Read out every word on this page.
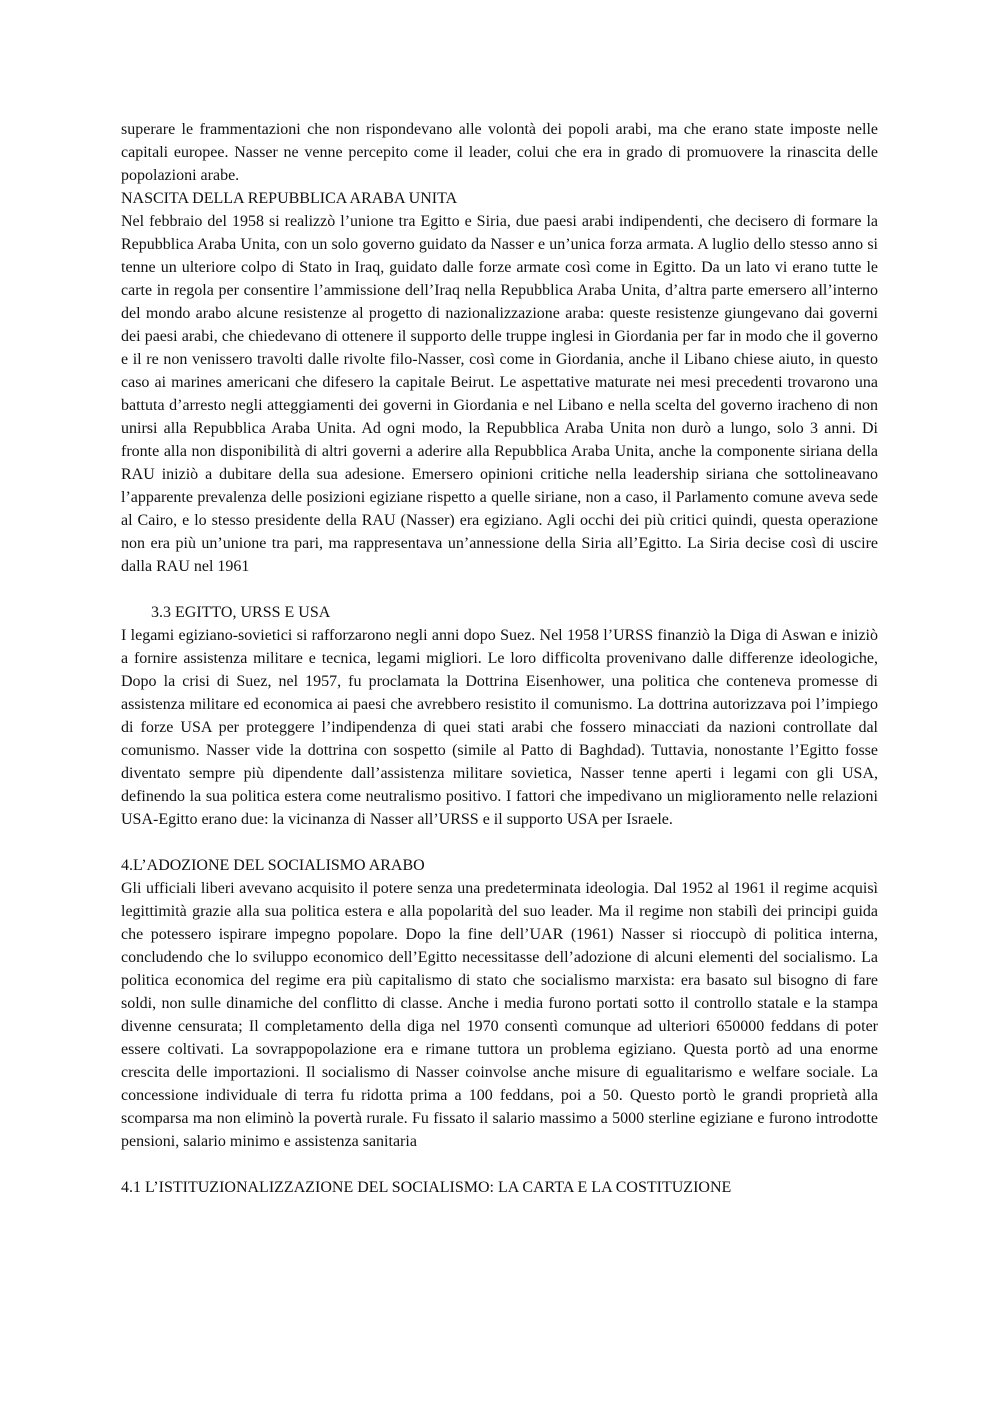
superare le frammentazioni che non rispondevano alle volontà dei popoli arabi, ma che erano state imposte nelle capitali europee. Nasser ne venne percepito come il leader, colui che era in grado di promuovere la rinascita delle popolazioni arabe.

NASCITA DELLA REPUBBLICA ARABA UNITA

Nel febbraio del 1958 si realizzò l’unione tra Egitto e Siria, due paesi arabi indipendenti, che decisero di formare la Repubblica Araba Unita, con un solo governo guidato da Nasser e un’unica forza armata. A luglio dello stesso anno si tenne un ulteriore colpo di Stato in Iraq, guidato dalle forze armate così come in Egitto. Da un lato vi erano tutte le carte in regola per consentire l’ammissione dell’Iraq nella Repubblica Araba Unita, d’altra parte emersero all’interno del mondo arabo alcune resistenze al progetto di nazionalizzazione araba: queste resistenze giungevano dai governi dei paesi arabi, che chiedevano di ottenere il supporto delle truppe inglesi in Giordania per far in modo che il governo e il re non venissero travolti dalle rivolte filo-Nasser, così come in Giordania, anche il Libano chiese aiuto, in questo caso ai marines americani che difesero la capitale Beirut. Le aspettative maturate nei mesi precedenti trovarono una battuta d’arresto negli atteggiamenti dei governi in Giordania e nel Libano e nella scelta del governo iracheno di non unirsi alla Repubblica Araba Unita. Ad ogni modo, la Repubblica Araba Unita non durò a lungo, solo 3 anni. Di fronte alla non disponibilità di altri governi a aderire alla Repubblica Araba Unita, anche la componente siriana della RAU iniziò a dubitare della sua adesione. Emersero opinioni critiche nella leadership siriana che sottolineavano l’apparente prevalenza delle posizioni egiziane rispetto a quelle siriane, non a caso, il Parlamento comune aveva sede al Cairo, e lo stesso presidente della RAU (Nasser) era egiziano. Agli occhi dei più critici quindi, questa operazione non era più un’unione tra pari, ma rappresentava un’annessione della Siria all’Egitto. La Siria decise così di uscire dalla RAU nel 1961

3.3 EGITTO, URSS E USA

I legami egiziano-sovietici si rafforzarono negli anni dopo Suez. Nel 1958 l’URSS finanziò la Diga di Aswan e iniziò a fornire assistenza militare e tecnica, legami migliori. Le loro difficolta provenivano dalle differenze ideologiche, Dopo la crisi di Suez, nel 1957, fu proclamata la Dottrina Eisenhower, una politica che conteneva promesse di assistenza militare ed economica ai paesi che avrebbero resistito il comunismo. La dottrina autorizzava poi l’impiego di forze USA per proteggere l’indipendenza di quei stati arabi che fossero minacciati da nazioni controllate dal comunismo. Nasser vide la dottrina con sospetto (simile al Patto di Baghdad). Tuttavia, nonostante l’Egitto fosse diventato sempre più dipendente dall’assistenza militare sovietica, Nasser tenne aperti i legami con gli USA, definendo la sua politica estera come neutralismo positivo. I fattori che impedivano un miglioramento nelle relazioni USA-Egitto erano due: la vicinanza di Nasser all’URSS e il supporto USA per Israele.

4.L’ADOZIONE DEL SOCIALISMO ARABO

Gli ufficiali liberi avevano acquisito il potere senza una predeterminata ideologia. Dal 1952 al 1961 il regime acquisì legittimità grazie alla sua politica estera e alla popolarità del suo leader. Ma il regime non stabilì dei principi guida che potessero ispirare impegno popolare. Dopo la fine dell’UAR (1961) Nasser si rioccupò di politica interna, concludendo che lo sviluppo economico dell’Egitto necessitasse dell’adozione di alcuni elementi del socialismo. La politica economica del regime era più capitalismo di stato che socialismo marxista: era basato sul bisogno di fare soldi, non sulle dinamiche del conflitto di classe. Anche i media furono portati sotto il controllo statale e la stampa divenne censurata; Il completamento della diga nel 1970 consentì comunque ad ulteriori 650000 feddans di poter essere coltivati. La sovrappopolazione era e rimane tuttora un problema egiziano. Questa portò ad una enorme crescita delle importazioni. Il socialismo di Nasser coinvolse anche misure di egualitarismo e welfare sociale. La concessione individuale di terra fu ridotta prima a 100 feddans, poi a 50. Questo portò le grandi proprietà alla scomparsa ma non eliminò la povertà rurale. Fu fissato il salario massimo a 5000 sterline egiziane e furono introdotte pensioni, salario minimo e assistenza sanitaria

4.1 L’ISTITUZIONALIZZAZIONE DEL SOCIALISMO: LA CARTA E LA COSTITUZIONE
